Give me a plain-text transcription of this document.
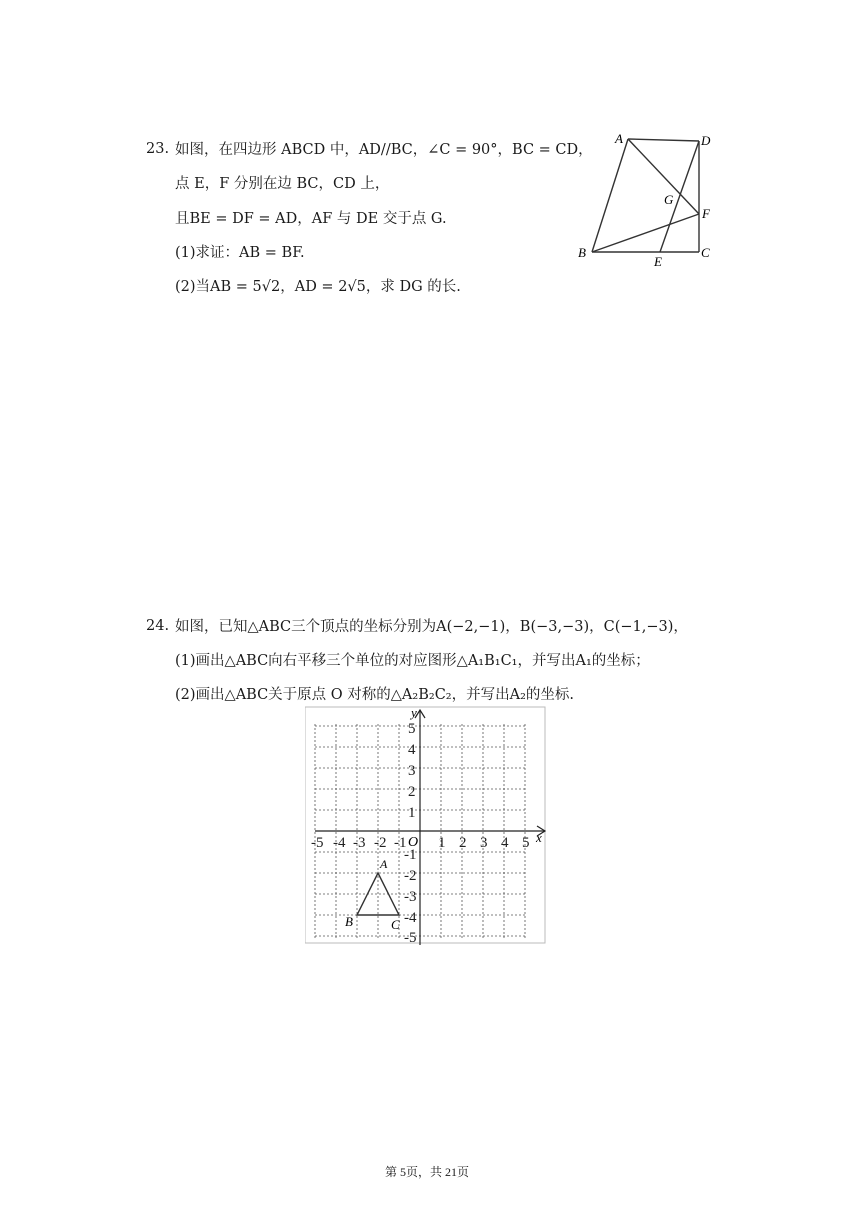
23. 如图，在四边形 ABCD 中，AD//BC，∠C = 90°，BC = CD，
点 E，F 分别在边 BC，CD 上，
且BE = DF = AD，AF 与 DE 交于点 G.
(1)求证：AB = BF.
(2)当AB = 5√2，AD = 2√5，求 DG 的长.
A	D
G
F
B
E
C
24. 如图，已知△ABC三个顶点的坐标分别为A(−2,−1)，B(−3,−3)，C(−1,−3)，
(1)画出△ABC向右平移三个单位的对应图形△A₁B₁C₁，并写出A₁的坐标；
(2)画出△ABC关于原点 O 对称的△A₂B₂C₂，并写出A₂的坐标.
x
y
O
-5 -4 -3 -2 -1 1 2 3 4 5
5
4
3
2
1
-1
-2
-3
-4
-5
A
B	C
第 5页，共 21页
